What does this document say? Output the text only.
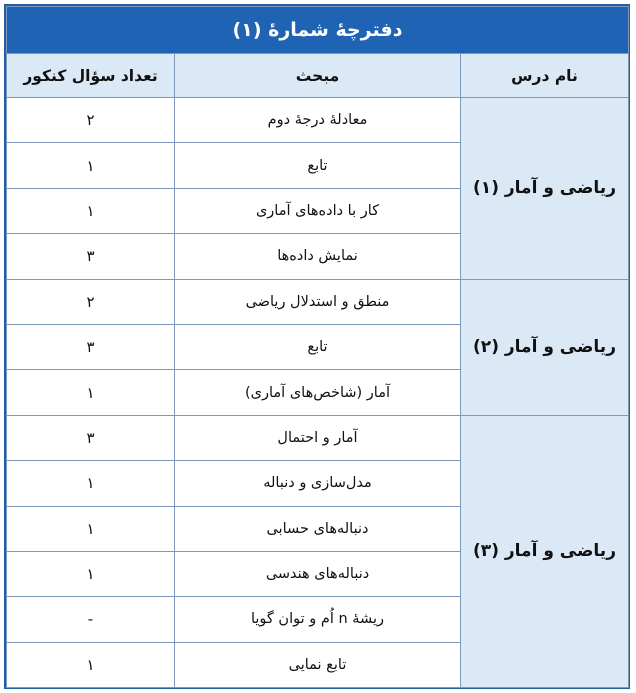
دفترچهٔ شمارهٔ (۱)		
نام درس	مبحث	تعداد سؤال کنکور
ریاضی و آمار (۱)	معادلهٔ درجهٔ دوم	۲
	تابع	۱
	کار با داده‌های آماری	۱
	نمایش داده‌ها	۳
ریاضی و آمار (۲)	منطق و استدلال ریاضی	۲
	تابع	۳
	آمار (شاخص‌های آماری)	۱
ریاضی و آمار (۳)	آمار و احتمال	۳
	مدل‌سازی و دنباله	۱
	دنباله‌های حسابی	۱
	دنباله‌های هندسی	۱
	ریشهٔ n اُم و توان گویا	-
	تابع نمایی	۱
